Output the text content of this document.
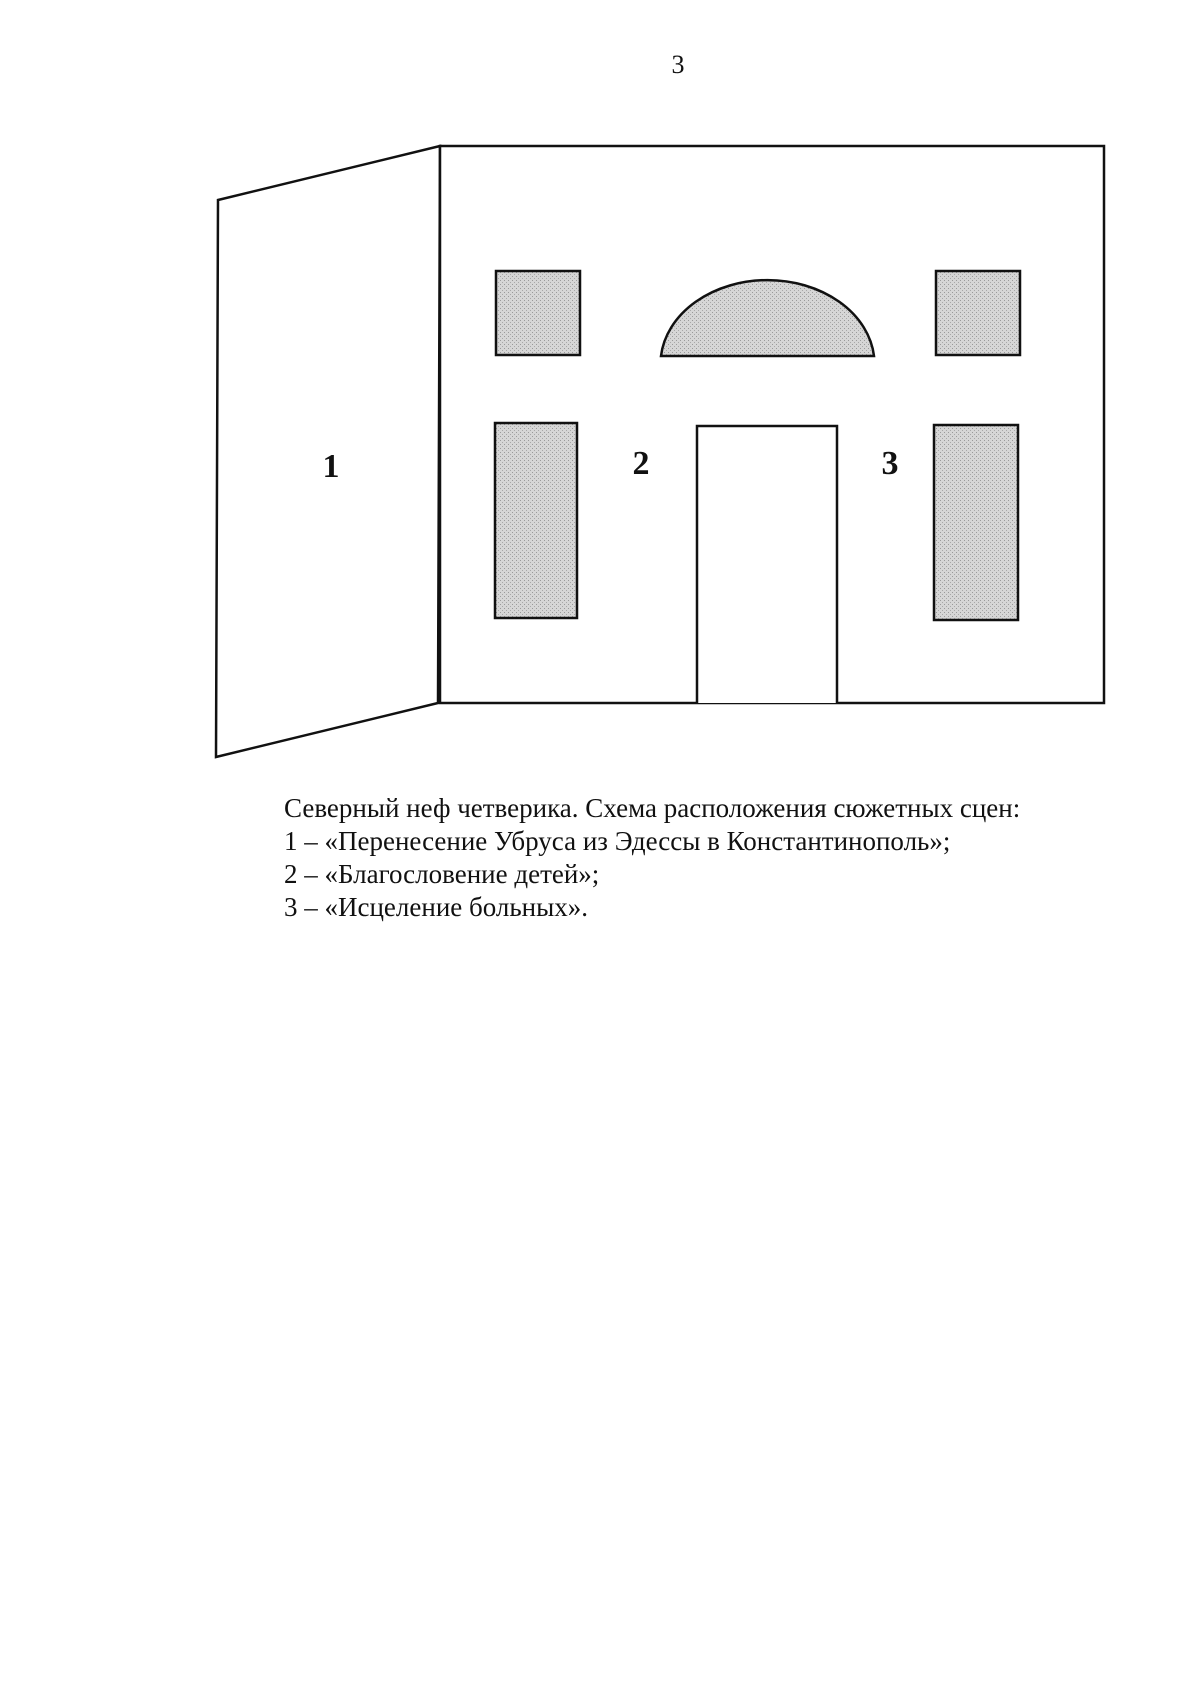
3
1	2	3
Северный неф четверика. Схема расположения сюжетных сцен:
1 – «Перенесение Убруса из Эдессы в Константинополь»;
2 – «Благословение детей»;
3 – «Исцеление больных».
